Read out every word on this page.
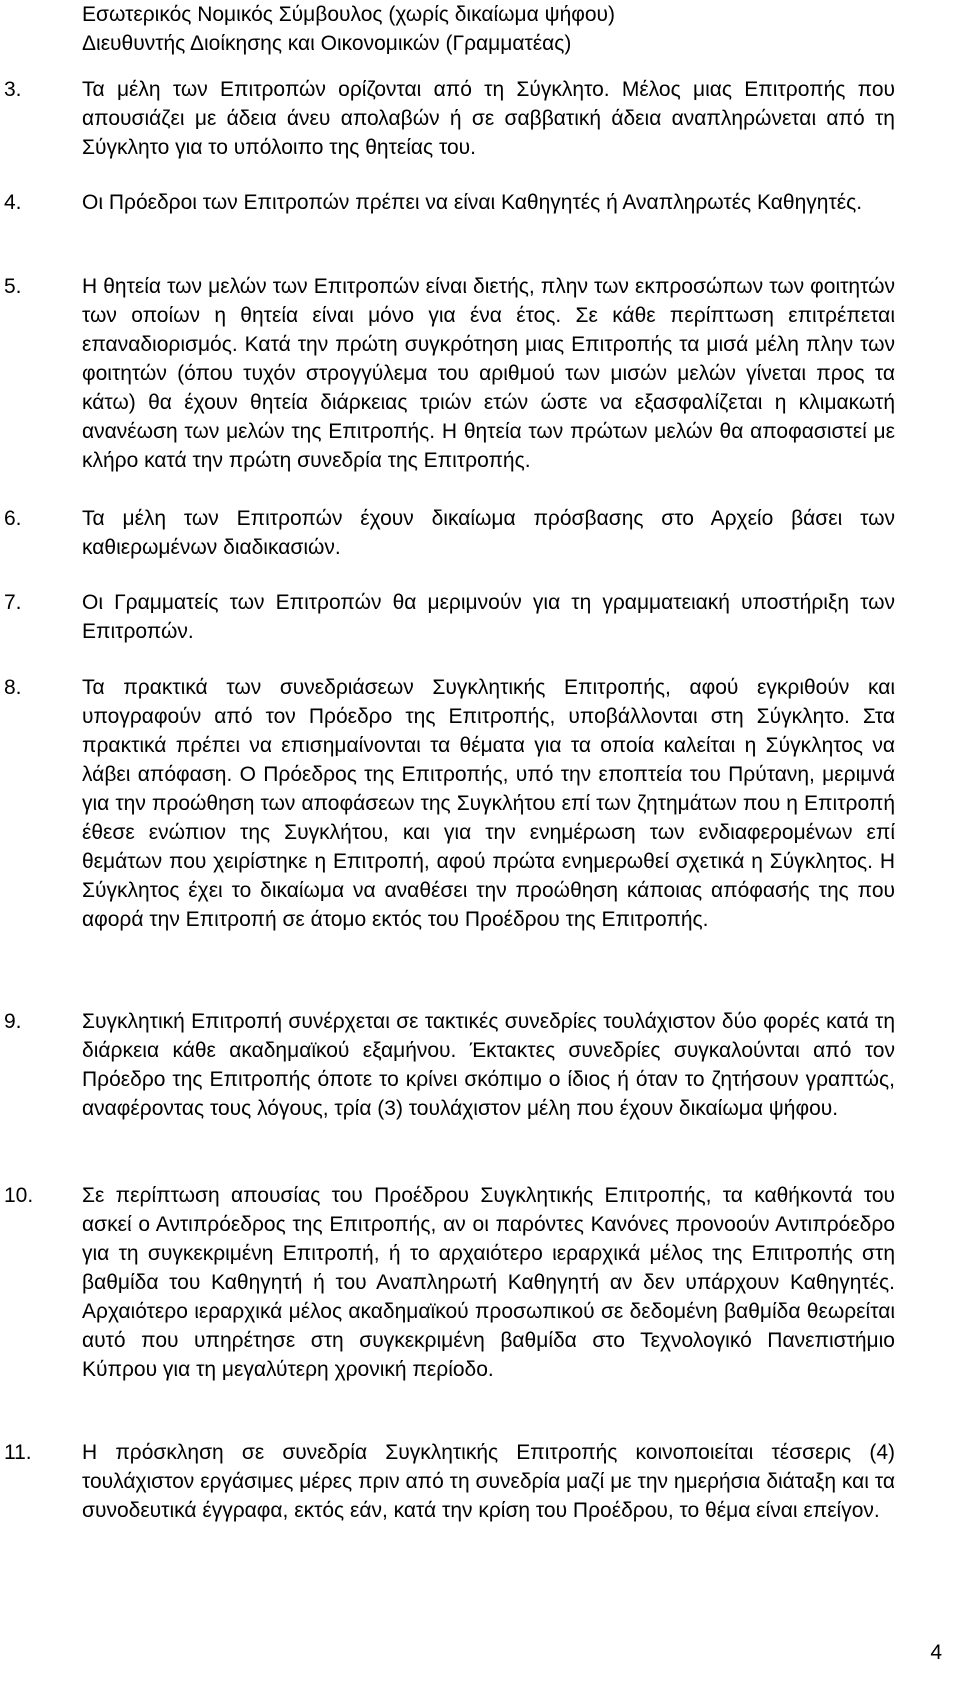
Εσωτερικός Νομικός Σύμβουλος (χωρίς δικαίωμα ψήφου)
Διευθυντής Διοίκησης και Οικονομικών (Γραμματέας)
3.	Τα μέλη των Επιτροπών ορίζονται από τη Σύγκλητο. Μέλος μιας Επιτροπής που απουσιάζει με άδεια άνευ απολαβών ή σε σαββατική άδεια αναπληρώνεται από τη Σύγκλητο για το υπόλοιπο της θητείας του.
4.	Οι Πρόεδροι των Επιτροπών πρέπει να είναι Καθηγητές ή Αναπληρωτές Καθηγητές.
5.	Η θητεία των μελών των Επιτροπών είναι διετής, πλην των εκπροσώπων των φοιτητών των οποίων η θητεία είναι μόνο για ένα έτος. Σε κάθε περίπτωση επιτρέπεται επαναδιορισμός. Κατά την πρώτη συγκρότηση μιας Επιτροπής τα μισά μέλη πλην των φοιτητών (όπου τυχόν στρογγύλεμα του αριθμού των μισών μελών γίνεται προς τα κάτω) θα έχουν θητεία διάρκειας τριών ετών ώστε να εξασφαλίζεται η κλιμακωτή ανανέωση των μελών της Επιτροπής. Η θητεία των πρώτων μελών θα αποφασιστεί με κλήρο κατά την πρώτη συνεδρία της Επιτροπής.
6.	Τα μέλη των Επιτροπών έχουν δικαίωμα πρόσβασης στο Αρχείο βάσει των καθιερωμένων διαδικασιών.
7.	Οι Γραμματείς των Επιτροπών θα μεριμνούν για τη γραμματειακή υποστήριξη των Επιτροπών.
8.	Τα πρακτικά των συνεδριάσεων Συγκλητικής Επιτροπής, αφού εγκριθούν και υπογραφούν από τον Πρόεδρο της Επιτροπής, υποβάλλονται στη Σύγκλητο. Στα πρακτικά πρέπει να επισημαίνονται τα θέματα για τα οποία καλείται η Σύγκλητος να λάβει απόφαση. Ο Πρόεδρος της Επιτροπής, υπό την εποπτεία του Πρύτανη, μεριμνά για την προώθηση των αποφάσεων της Συγκλήτου επί των ζητημάτων που η Επιτροπή έθεσε ενώπιον της Συγκλήτου, και για την ενημέρωση των ενδιαφερομένων επί θεμάτων που χειρίστηκε η Επιτροπή, αφού πρώτα ενημερωθεί σχετικά η Σύγκλητος. Η Σύγκλητος έχει το δικαίωμα να αναθέσει την προώθηση κάποιας απόφασής της που αφορά την Επιτροπή σε άτομο εκτός του Προέδρου της Επιτροπής.
9.	Συγκλητική Επιτροπή συνέρχεται σε τακτικές συνεδρίες τουλάχιστον δύο φορές κατά τη διάρκεια κάθε ακαδημαϊκού εξαμήνου. Έκτακτες συνεδρίες συγκαλούνται από τον Πρόεδρο της Επιτροπής όποτε το κρίνει σκόπιμο ο ίδιος ή όταν το ζητήσουν γραπτώς, αναφέροντας τους λόγους, τρία (3) τουλάχιστον μέλη που έχουν δικαίωμα ψήφου.
10. Σε περίπτωση απουσίας του Προέδρου Συγκλητικής Επιτροπής, τα καθήκοντά του ασκεί ο Αντιπρόεδρος της Επιτροπής, αν οι παρόντες Κανόνες προνοούν Αντιπρόεδρο για τη συγκεκριμένη Επιτροπή, ή το αρχαιότερο ιεραρχικά μέλος της Επιτροπής στη βαθμίδα του Καθηγητή ή του Αναπληρωτή Καθηγητή αν δεν υπάρχουν Καθηγητές. Αρχαιότερο ιεραρχικά μέλος ακαδημαϊκού προσωπικού σε δεδομένη βαθμίδα θεωρείται αυτό που υπηρέτησε στη συγκεκριμένη βαθμίδα στο Τεχνολογικό Πανεπιστήμιο Κύπρου για τη μεγαλύτερη χρονική περίοδο.
11. Η πρόσκληση σε συνεδρία Συγκλητικής Επιτροπής κοινοποιείται τέσσερις (4) τουλάχιστον εργάσιμες μέρες πριν από τη συνεδρία μαζί με την ημερήσια διάταξη και τα συνοδευτικά έγγραφα, εκτός εάν, κατά την κρίση του Προέδρου, το θέμα είναι επείγον.
4
